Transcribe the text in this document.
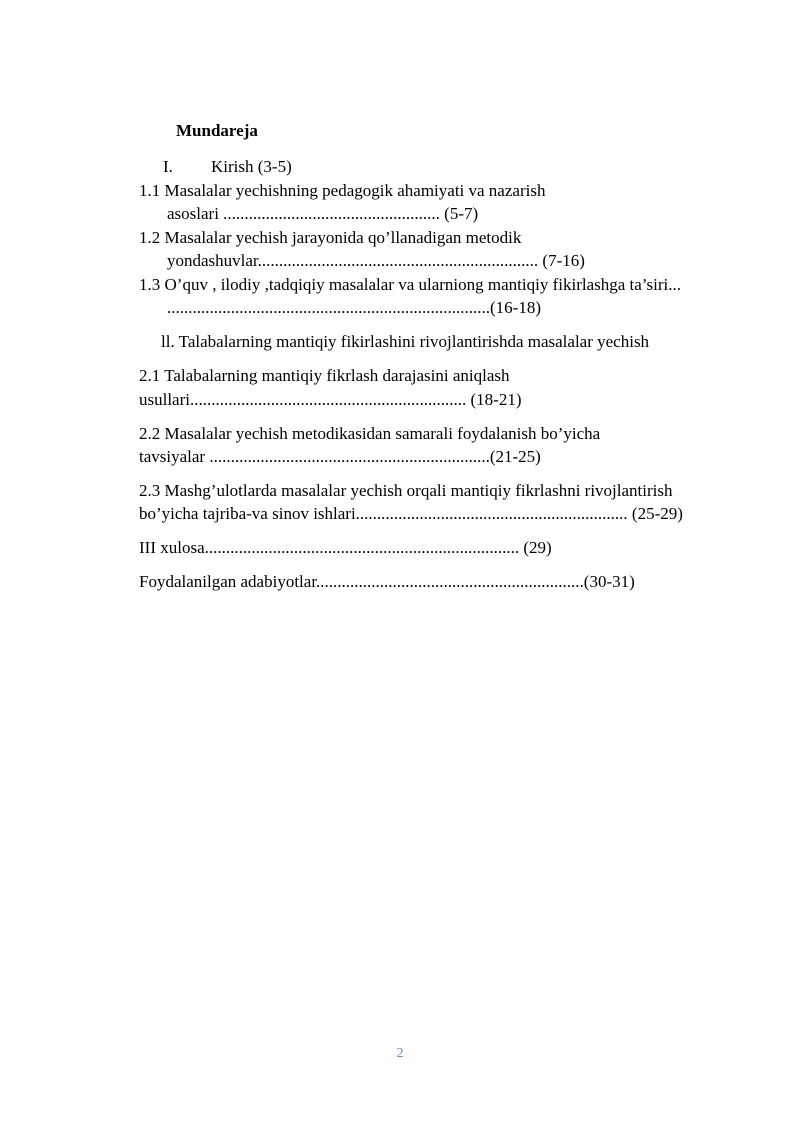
Mundareja
I. Kirish (3-5)
1.1 Masalalar yechishning pedagogik ahamiyati va nazarish
asoslari ................................................... (5-7)
1.2 Masalalar yechish jarayonida qo’llanadigan metodik
yondashuvlar.................................................................. (7-16)
1.3 O’quv , ilodiy ,tadqiqiy masalalar va ularniong mantiqiy fikirlashga ta’siri...
............................................................................(16-18)
ll. Talabalarning mantiqiy fikirlashini rivojlantirishda masalalar yechish
2.1 Talabalarning mantiqiy fikrlash darajasini aniqlash
usullari................................................................. (18-21)
2.2 Masalalar yechish metodikasidan samarali foydalanish bo’yicha
tavsiyalar ..................................................................(21-25)
2.3 Mashg’ulotlarda masalalar yechish orqali mantiqiy fikrlashni rivojlantirish
bo’yicha tajriba-va sinov ishlari................................................................ (25-29)
III xulosa.......................................................................... (29)
Foydalanilgan adabiyotlar...............................................................(30-31)
2
